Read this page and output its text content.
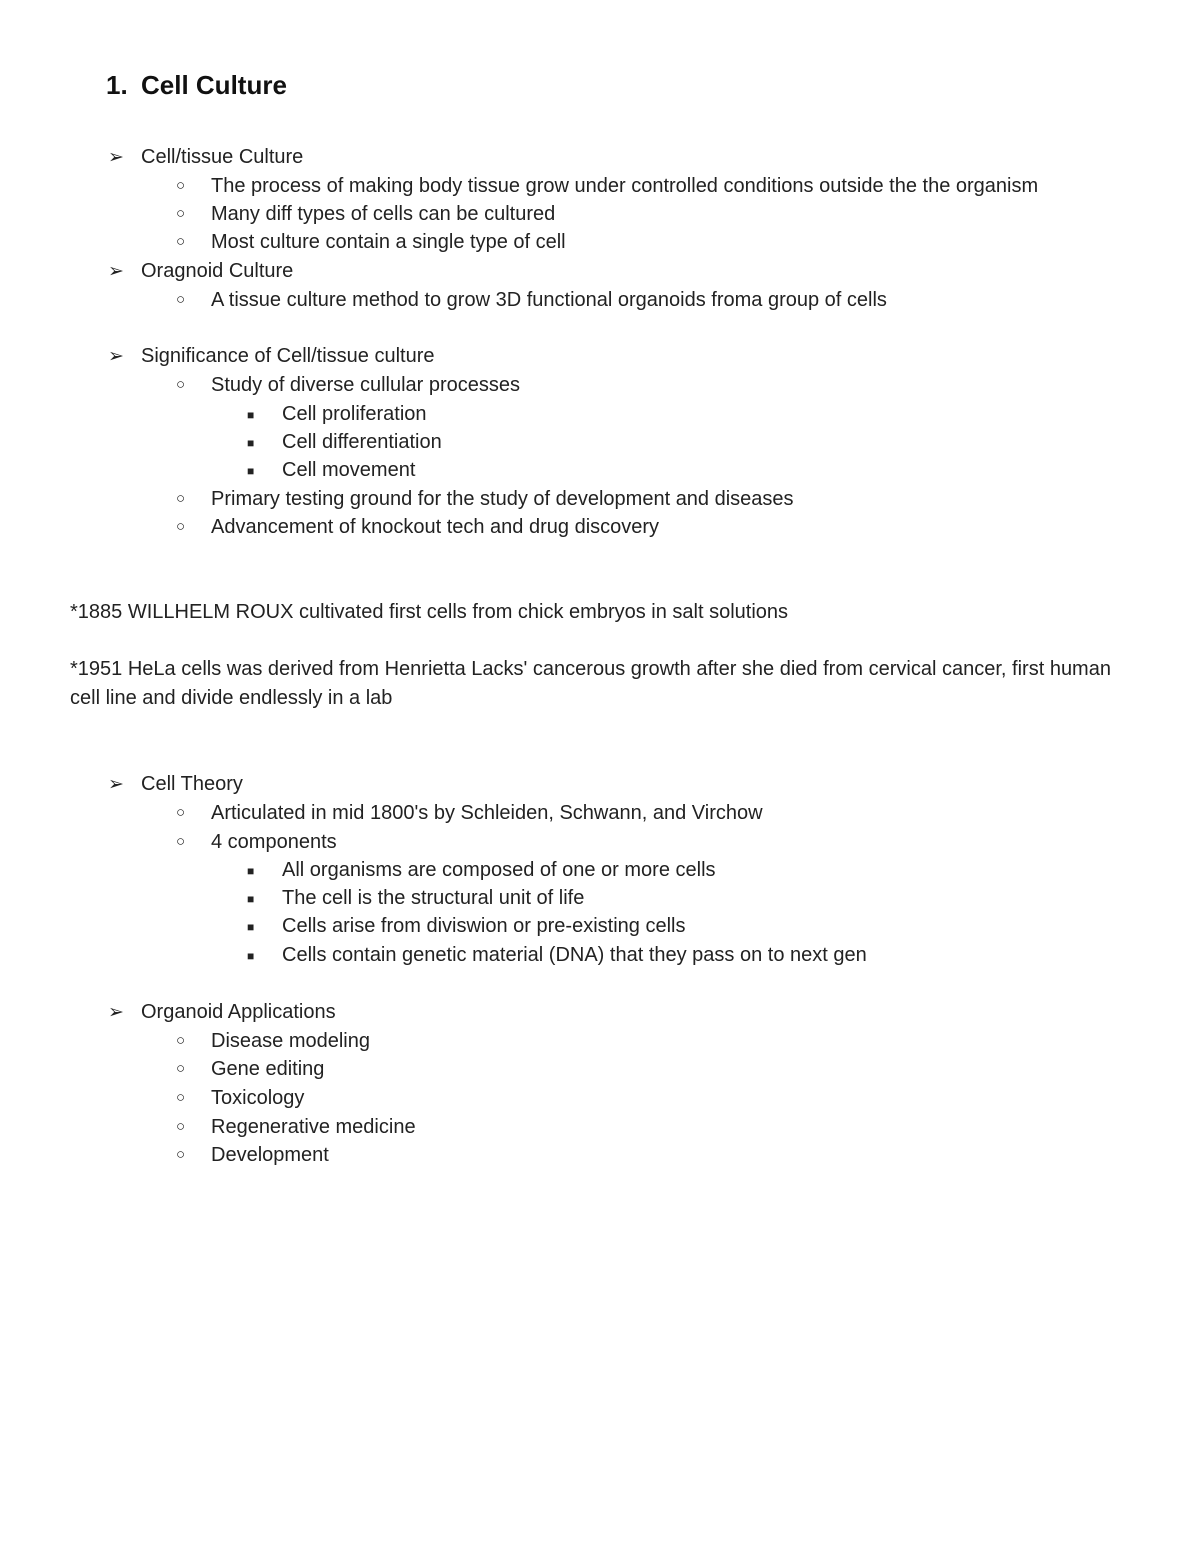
1. Cell Culture
➢ Cell/tissue Culture
○ The process of making body tissue grow under controlled conditions outside the the organism
○ Many diff types of cells can be cultured
○ Most culture contain a single type of cell
➢ Oragnoid Culture
○ A tissue culture method to grow 3D functional organoids froma group of cells
➢ Significance of Cell/tissue culture
○ Study of diverse cullular processes
■ Cell proliferation
■ Cell differentiation
■ Cell movement
○ Primary testing ground for the study of development and diseases
○ Advancement of knockout tech and drug discovery
*1885 WILLHELM ROUX cultivated first cells from chick embryos in salt solutions
*1951 HeLa cells was derived from Henrietta Lacks' cancerous growth after she died from cervical cancer, first human cell line and divide endlessly in a lab
➢ Cell Theory
○ Articulated in mid 1800's by Schleiden, Schwann, and Virchow
○ 4 components
■ All organisms are composed of one or more cells
■ The cell is the structural unit of life
■ Cells arise from diviswion or pre-existing cells
■ Cells contain genetic material (DNA) that they pass on to next gen
➢ Organoid Applications
○ Disease modeling
○ Gene editing
○ Toxicology
○ Regenerative medicine
○ Development
